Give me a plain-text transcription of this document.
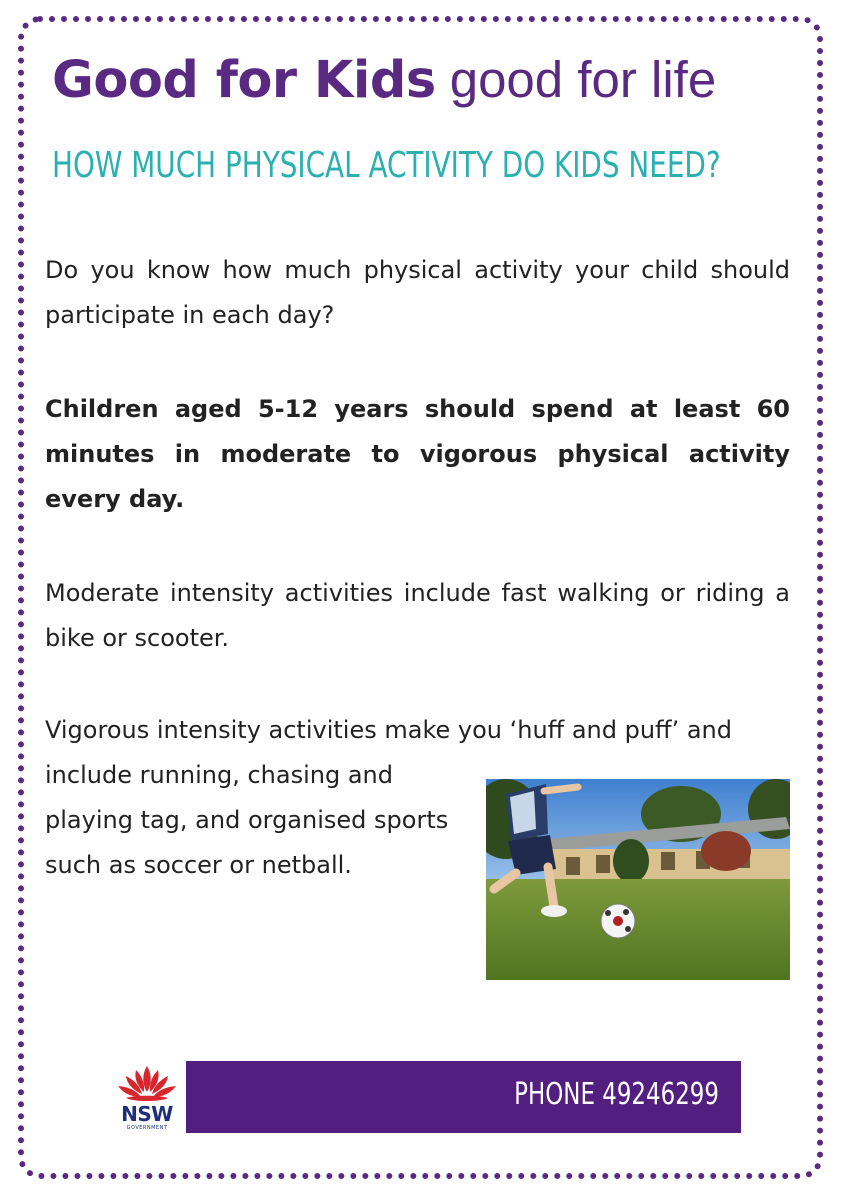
Good for Kids good for life
HOW MUCH PHYSICAL ACTIVITY DO KIDS NEED?

Do you know how much physical activity your child should participate in each day?

Children aged 5-12 years should spend at least 60 minutes in moderate to vigorous physical activity every day.

Moderate intensity activities include fast walking or riding a bike or scooter.

Vigorous intensity activities make you ‘huff and puff’ and

include running, chasing and playing tag, and organised sports such as soccer or netball.

NSW
GOVERNMENT
PHONE 49246299
